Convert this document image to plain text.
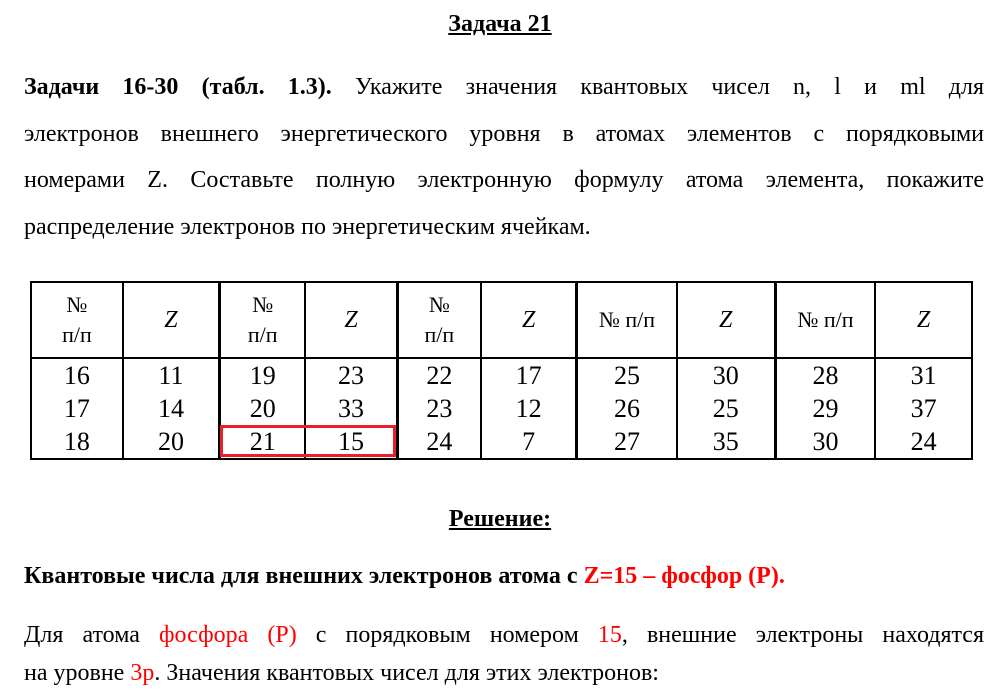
Задача 21
Задачи 16-30 (табл. 1.3). Укажите значения квантовых чисел n, l и ml для
электронов внешнего энергетического уровня в атомах элементов с порядковыми
номерами Z. Составьте полную электронную формулу атома элемента, покажите
распределение электронов по энергетическим ячейкам.
№
п/п	Z	№
п/п	Z	№
п/п	Z	№ п/п	Z	№ п/п	Z
16	11	19	23	22	17	25	30	28	31
17	14	20	33	23	12	26	25	29	37
18	20	21	15	24	7	27	35	30	24
Решение:
Квантовые числа для внешних электронов атома с Z=15 – фосфор (P).
Для атома фосфора (P) с порядковым номером 15, внешние электроны находятся
на уровне 3p. Значения квантовых чисел для этих электронов:
